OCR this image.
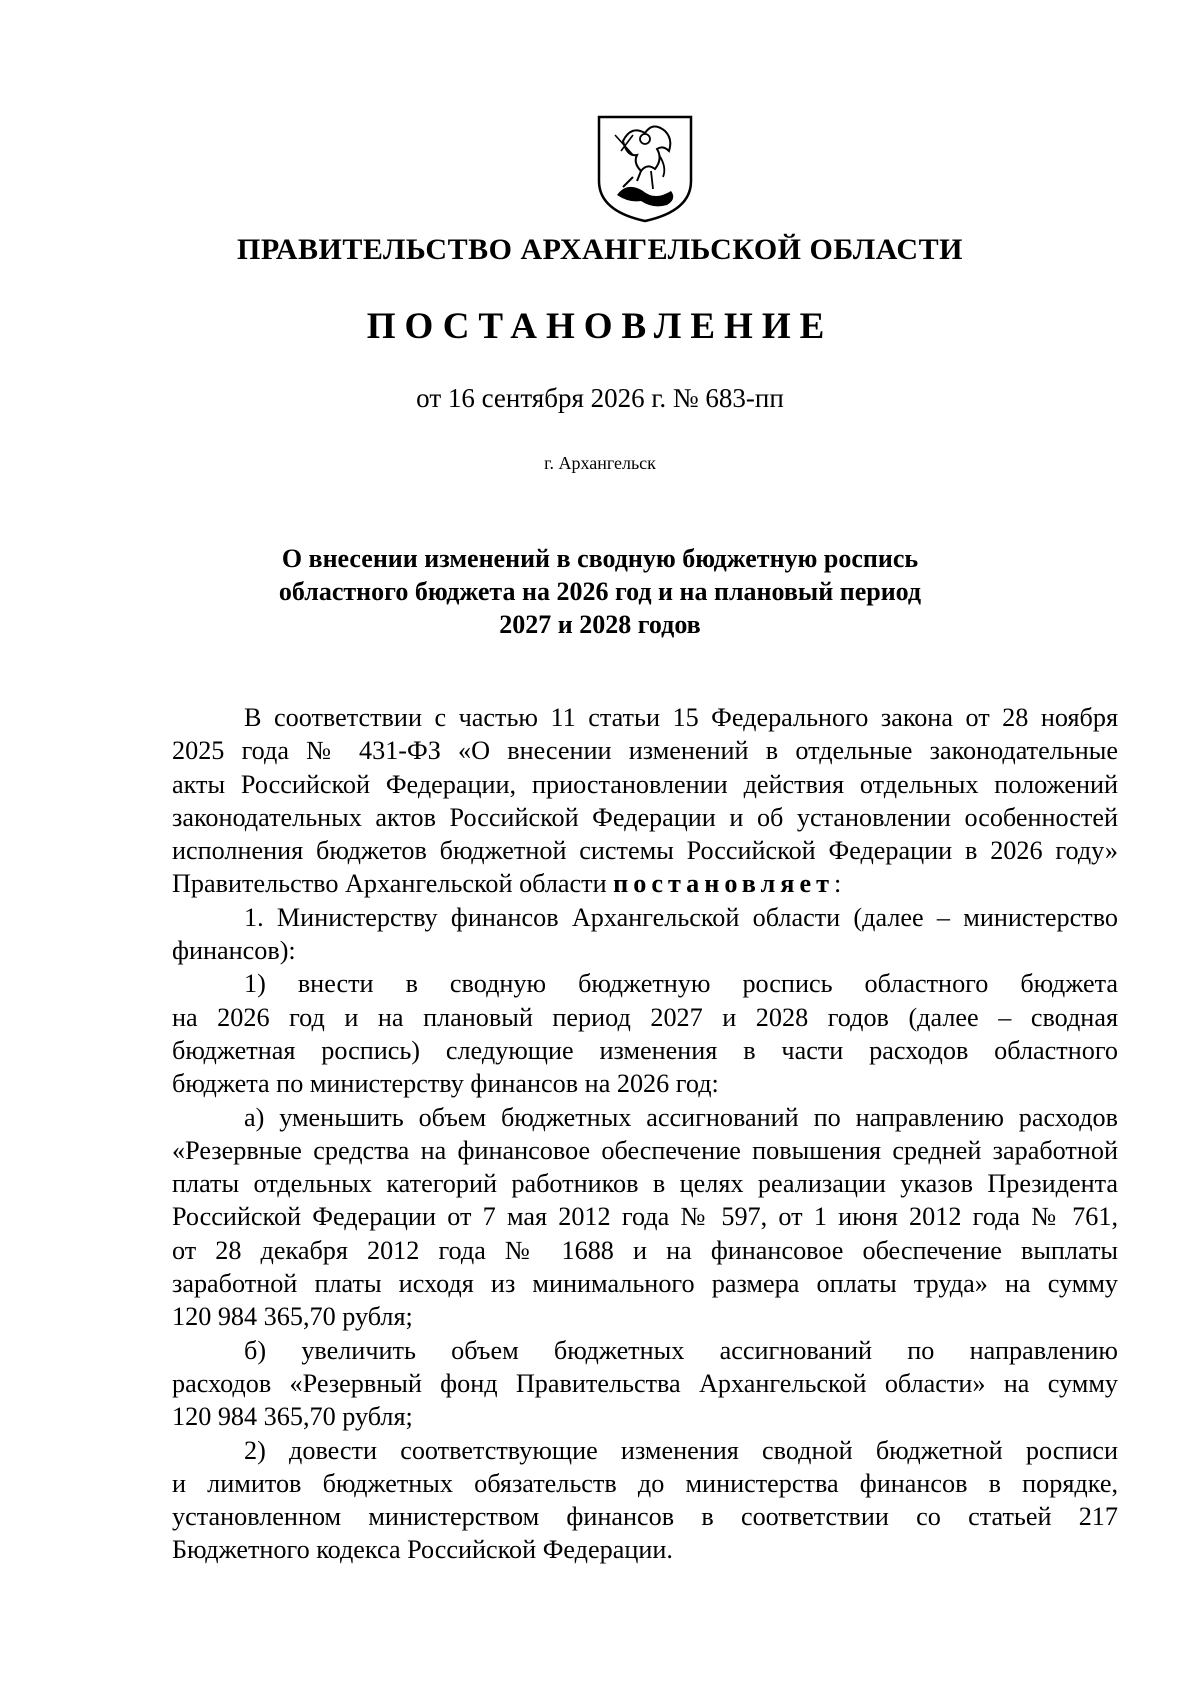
ПРАВИТЕЛЬСТВО АРХАНГЕЛЬСКОЙ ОБЛАСТИ
ПОСТАНОВЛЕНИЕ
от 16 сентября 2026 г. № 683-пп
г. Архангельск
О внесении изменений в сводную бюджетную роспись
областного бюджета на 2026 год и на плановый период
2027 и 2028 годов
В соответствии с частью 11 статьи 15 Федерального закона от 28 ноября
2025 года № 431-ФЗ «О внесении изменений в отдельные законодательные
акты Российской Федерации, приостановлении действия отдельных положений
законодательных актов Российской Федерации и об установлении особенностей
исполнения бюджетов бюджетной системы Российской Федерации в 2026 году»
Правительство Архангельской области постановляет:
1. Министерству финансов Архангельской области (далее – министерство
финансов):
1) внести в сводную бюджетную роспись областного бюджета
на 2026 год и на плановый период 2027 и 2028 годов (далее – сводная
бюджетная роспись) следующие изменения в части расходов областного
бюджета по министерству финансов на 2026 год:
а) уменьшить объем бюджетных ассигнований по направлению расходов
«Резервные средства на финансовое обеспечение повышения средней заработной
платы отдельных категорий работников в целях реализации указов Президента
Российской Федерации от 7 мая 2012 года № 597, от 1 июня 2012 года № 761,
от 28 декабря 2012 года № 1688 и на финансовое обеспечение выплаты
заработной платы исходя из минимального размера оплаты труда» на сумму
120 984 365,70 рубля;
б) увеличить объем бюджетных ассигнований по направлению
расходов «Резервный фонд Правительства Архангельской области» на сумму
120 984 365,70 рубля;
2) довести соответствующие изменения сводной бюджетной росписи
и лимитов бюджетных обязательств до министерства финансов в порядке,
установленном министерством финансов в соответствии со статьей 217
Бюджетного кодекса Российской Федерации.
